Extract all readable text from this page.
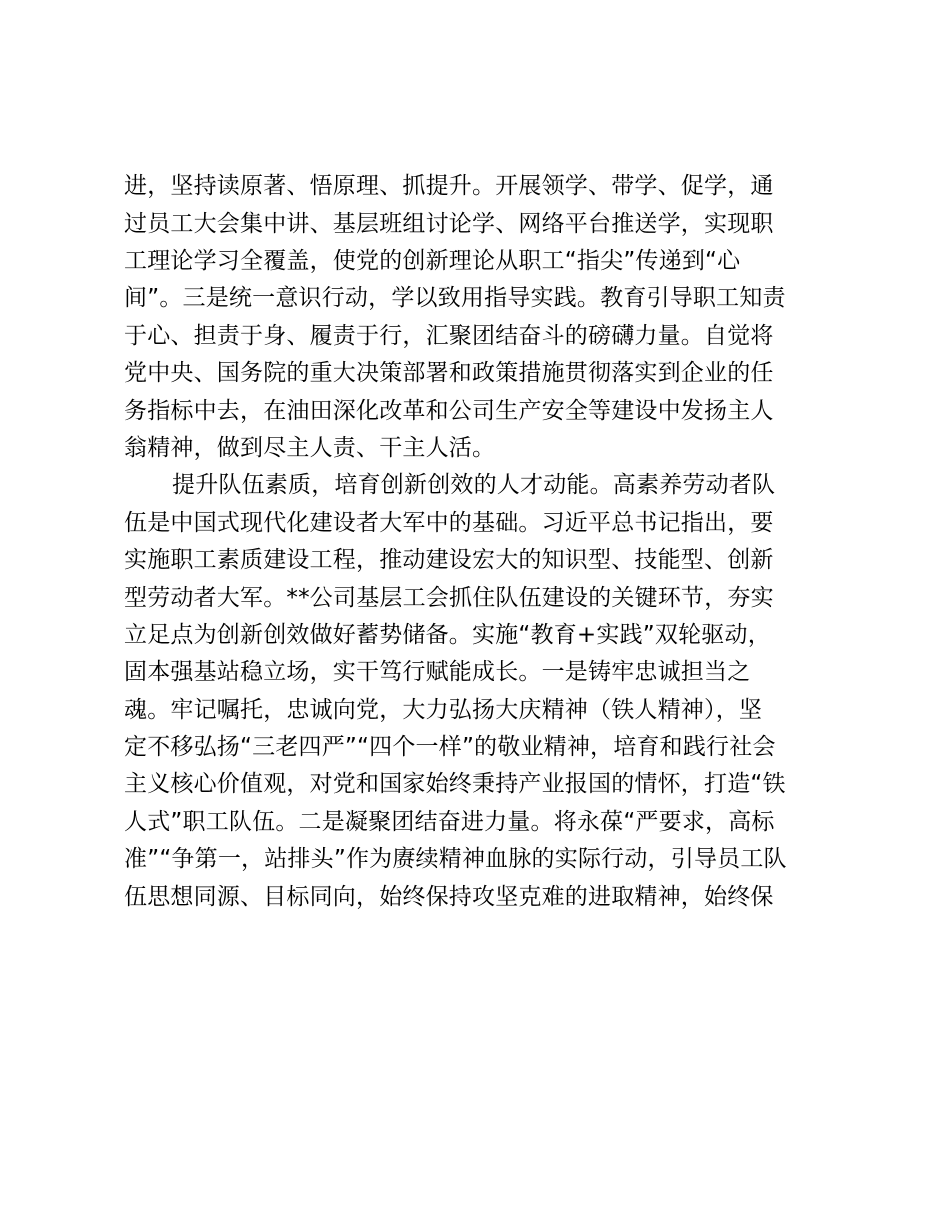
进，坚持读原著、悟原理、抓提升。开展领学、带学、促学，通
过员工大会集中讲、基层班组讨论学、网络平台推送学，实现职
工理论学习全覆盖，使党的创新理论从职工“指尖”传递到“心
间”。三是统一意识行动，学以致用指导实践。教育引导职工知责
于心、担责于身、履责于行，汇聚团结奋斗的磅礴力量。自觉将
党中央、国务院的重大决策部署和政策措施贯彻落实到企业的任
务指标中去，在油田深化改革和公司生产安全等建设中发扬主人
翁精神，做到尽主人责、干主人活。
提升队伍素质，培育创新创效的人才动能。高素养劳动者队
伍是中国式现代化建设者大军中的基础。习近平总书记指出，要
实施职工素质建设工程，推动建设宏大的知识型、技能型、创新
型劳动者大军。**公司基层工会抓住队伍建设的关键环节，夯实
立足点为创新创效做好蓄势储备。实施“教育+实践”双轮驱动，
固本强基站稳立场，实干笃行赋能成长。一是铸牢忠诚担当之
魂。牢记嘱托，忠诚向党，大力弘扬大庆精神（铁人精神），坚
定不移弘扬“三老四严”“四个一样”的敬业精神，培育和践行社会
主义核心价值观，对党和国家始终秉持产业报国的情怀，打造“铁
人式”职工队伍。二是凝聚团结奋进力量。将永葆“严要求，高标
准”“争第一，站排头”作为赓续精神血脉的实际行动，引导员工队
伍思想同源、目标同向，始终保持攻坚克难的进取精神，始终保
